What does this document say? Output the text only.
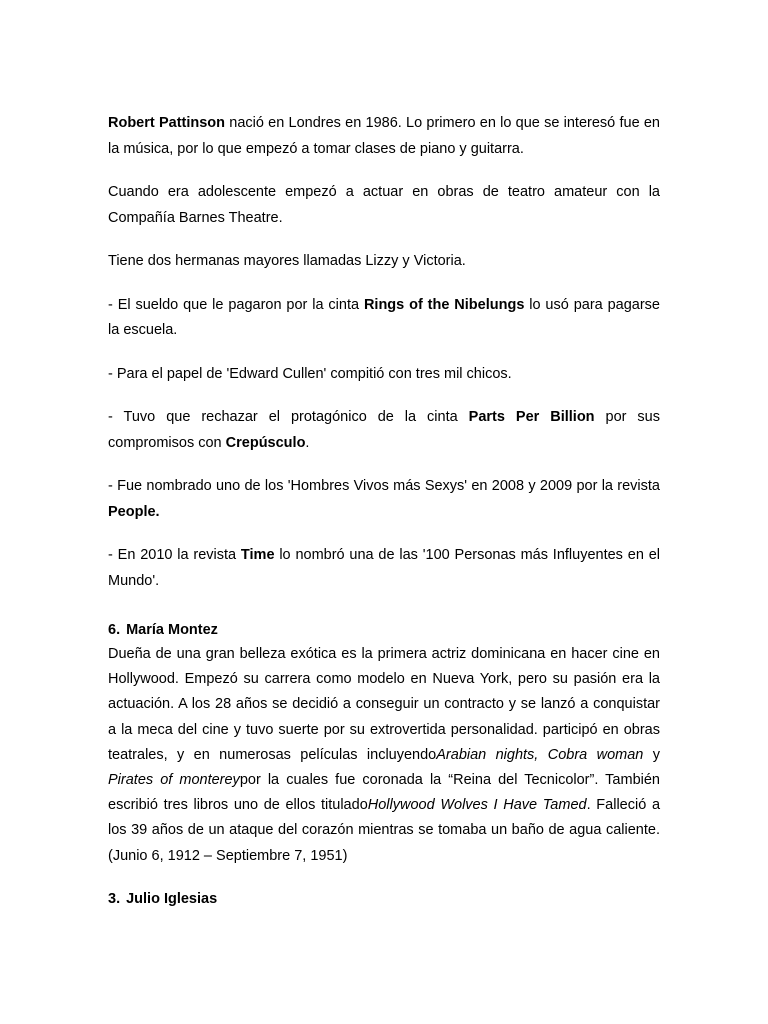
Robert Pattinson nació en Londres en 1986. Lo primero en lo que se interesó fue en la música, por lo que empezó a tomar clases de piano y guitarra.

Cuando era adolescente empezó a actuar en obras de teatro amateur con la Compañía Barnes Theatre.

Tiene dos hermanas mayores llamadas Lizzy y Victoria.

- El sueldo que le pagaron por la cinta Rings of the Nibelungs lo usó para pagarse la escuela.

- Para el papel de 'Edward Cullen' compitió con tres mil chicos.

- Tuvo que rechazar el protagónico de la cinta Parts Per Billion por sus compromisos con Crepúsculo.

- Fue nombrado uno de los 'Hombres Vivos más Sexys' en 2008 y 2009 por la revista People.

- En 2010 la revista Time lo nombró una de las '100 Personas más Influyentes en el Mundo'.

6. María Montez

Dueña de una gran belleza exótica es la primera actriz dominicana en hacer cine en Hollywood. Empezó su carrera como modelo en Nueva York, pero su pasión era la actuación. A los 28 años se decidió a conseguir un contracto y se lanzó a conquistar a la meca del cine y tuvo suerte por su extrovertida personalidad. participó en obras teatrales, y en numerosas películas incluyendoArabian nights, Cobra woman y Pirates of montereypor la cuales fue coronada la “Reina del Tecnicolor”. También escribió tres libros uno de ellos tituladoHollywood Wolves I Have Tamed. Falleció a los 39 años de un ataque del corazón mientras se tomaba un baño de agua caliente. (Junio 6, 1912 – Septiembre 7, 1951)

3. Julio Iglesias
